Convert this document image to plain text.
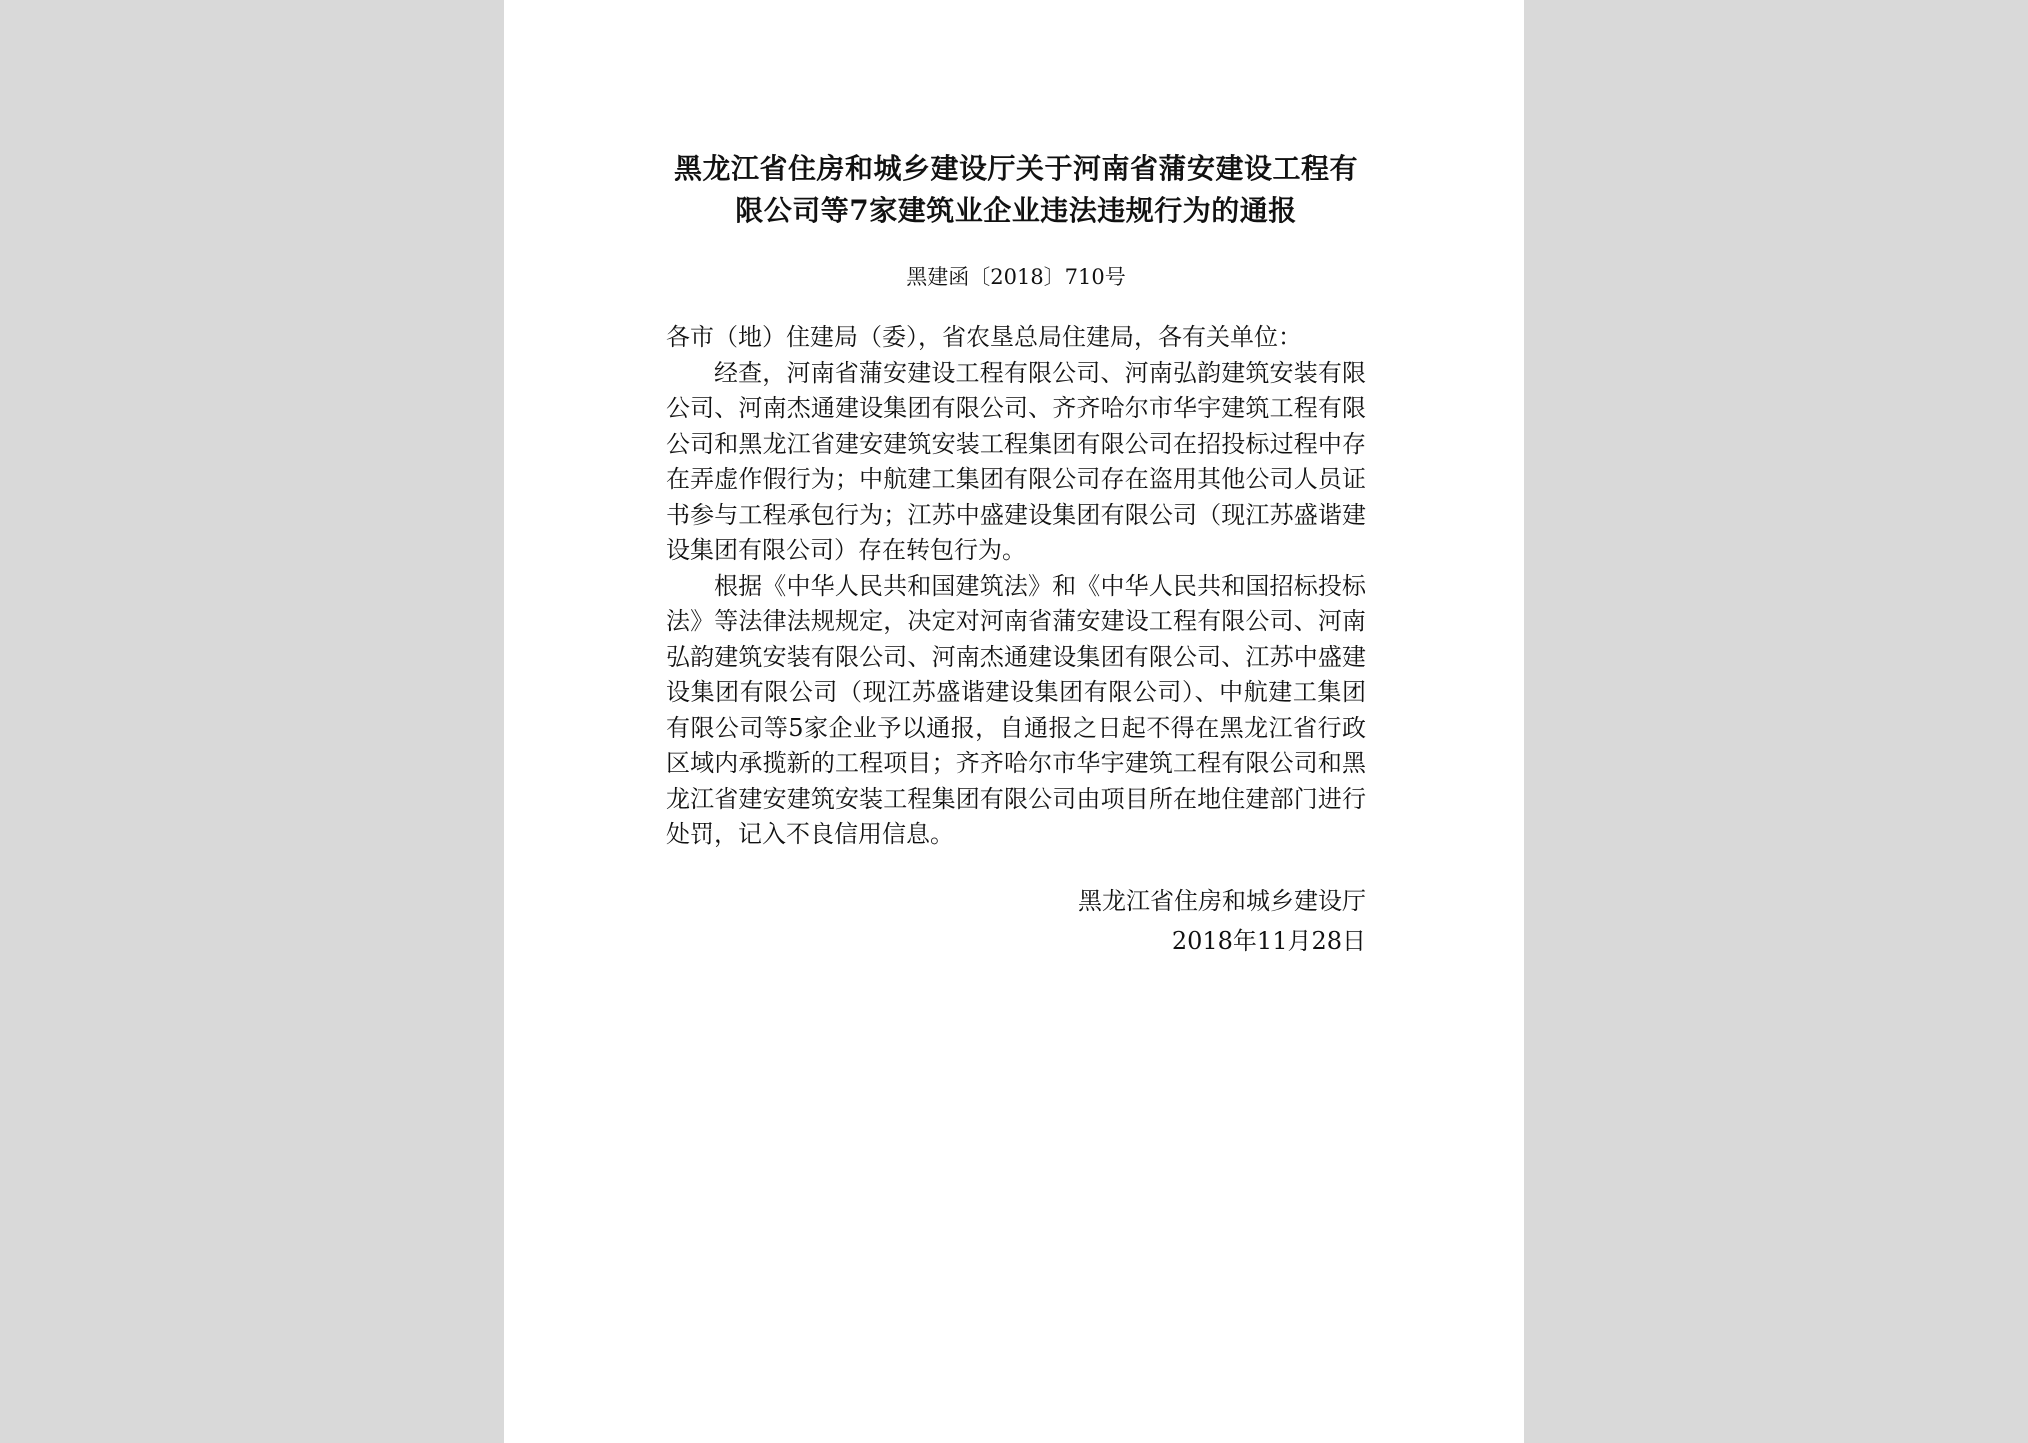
黑龙江省住房和城乡建设厅关于河南省蒲安建设工程有限公司等7家建筑业企业违法违规行为的通报
黑建函〔2018〕710号

各市（地）住建局（委），省农垦总局住建局，各有关单位：

经查，河南省蒲安建设工程有限公司、河南弘韵建筑安装有限公司、河南杰通建设集团有限公司、齐齐哈尔市华宇建筑工程有限公司和黑龙江省建安建筑安装工程集团有限公司在招投标过程中存在弄虚作假行为；中航建工集团有限公司存在盗用其他公司人员证书参与工程承包行为；江苏中盛建设集团有限公司（现江苏盛谐建设集团有限公司）存在转包行为。

根据《中华人民共和国建筑法》和《中华人民共和国招标投标法》等法律法规规定，决定对河南省蒲安建设工程有限公司、河南弘韵建筑安装有限公司、河南杰通建设集团有限公司、江苏中盛建设集团有限公司（现江苏盛谐建设集团有限公司）、中航建工集团有限公司等5家企业予以通报，自通报之日起不得在黑龙江省行政区域内承揽新的工程项目；齐齐哈尔市华宇建筑工程有限公司和黑龙江省建安建筑安装工程集团有限公司由项目所在地住建部门进行处罚，记入不良信用信息。

黑龙江省住房和城乡建设厅
2018年11月28日
